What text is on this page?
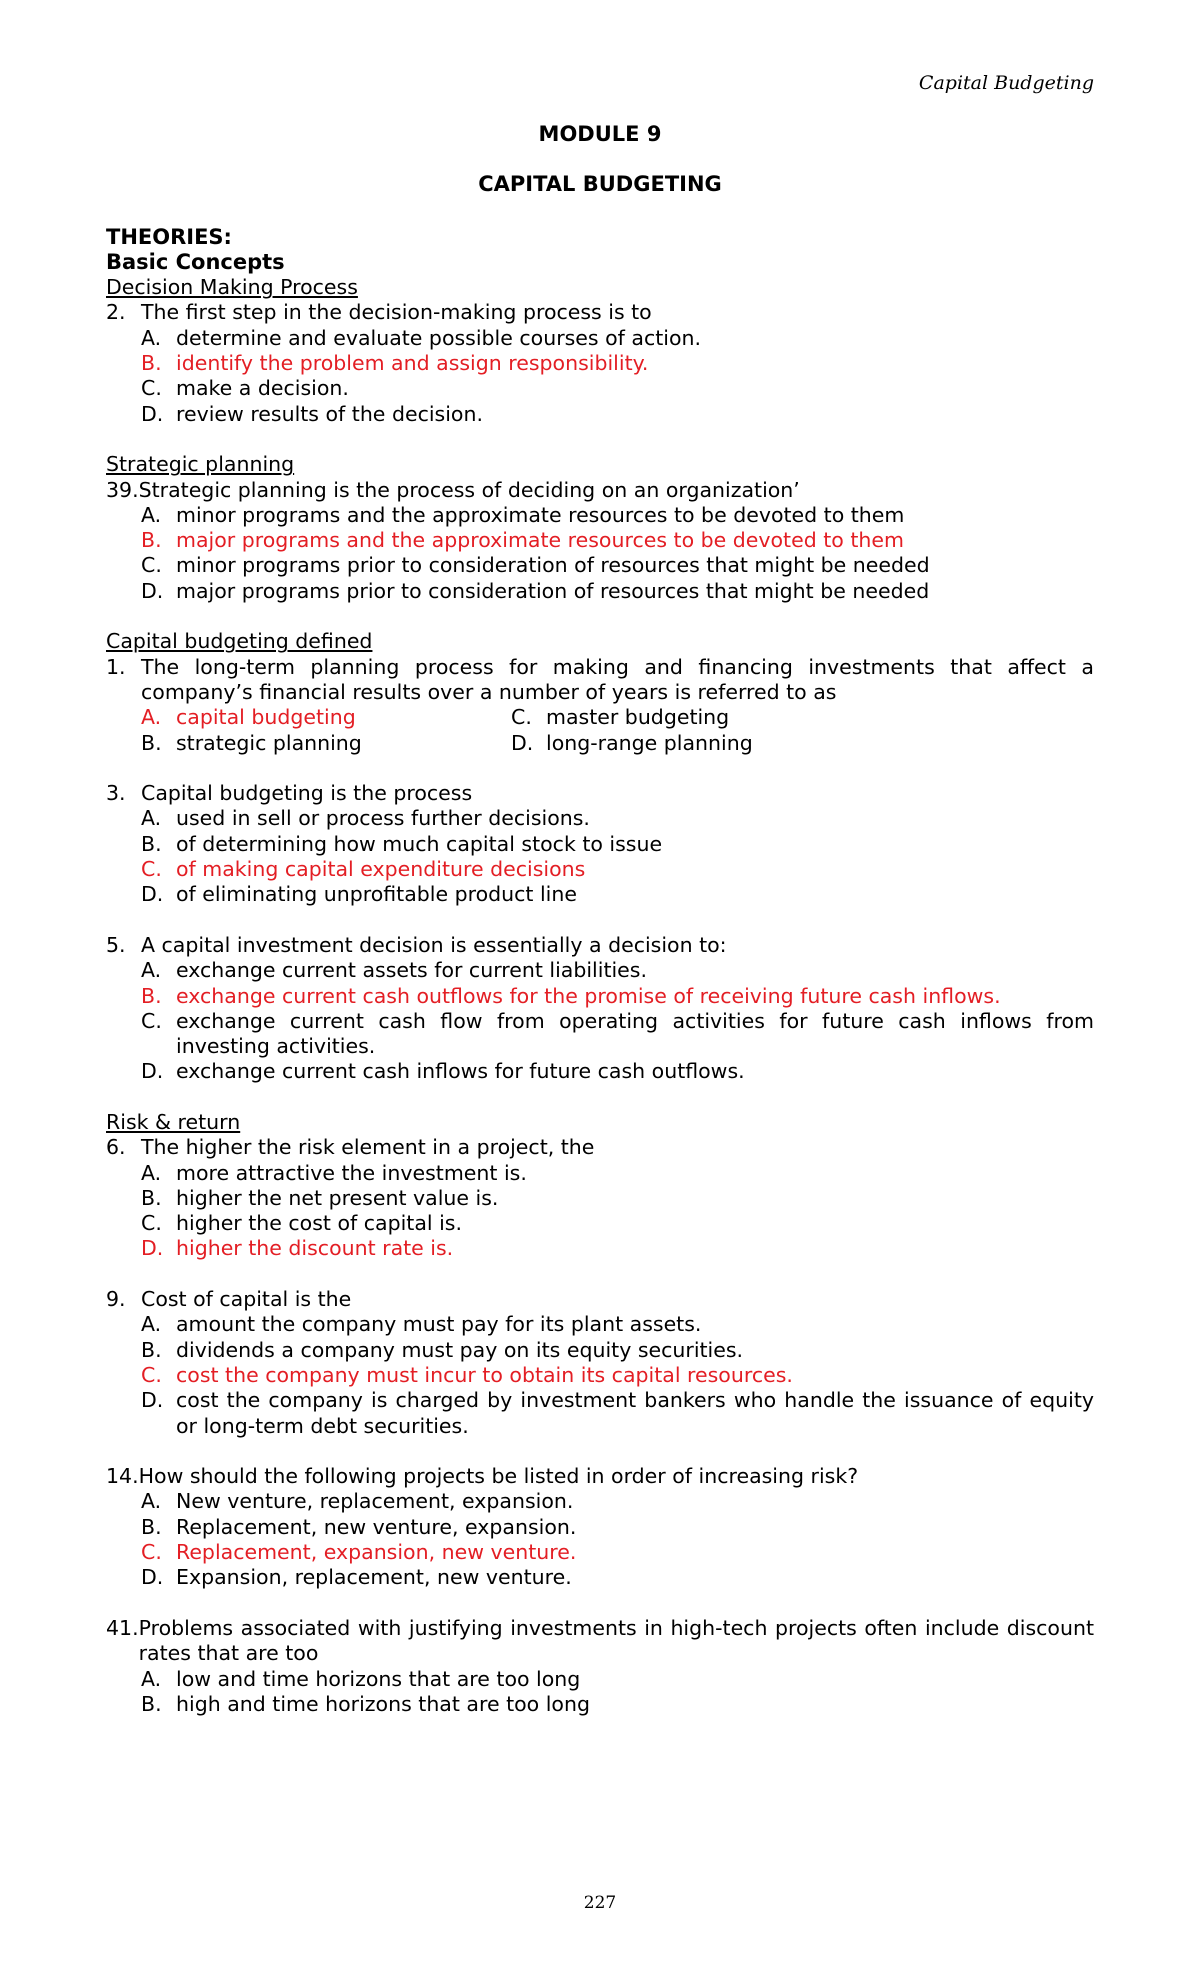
Capital Budgeting
MODULE 9
CAPITAL BUDGETING
THEORIES:
Basic Concepts
Decision Making Process
2. The first step in the decision-making process is to
A. determine and evaluate possible courses of action.
B. identify the problem and assign responsibility.
C. make a decision.
D. review results of the decision.
Strategic planning
39. Strategic planning is the process of deciding on an organization’
A. minor programs and the approximate resources to be devoted to them
B. major programs and the approximate resources to be devoted to them
C. minor programs prior to consideration of resources that might be needed
D. major programs prior to consideration of resources that might be needed
Capital budgeting defined
1. The long-term planning process for making and financing investments that affect a company’s financial results over a number of years is referred to as
A. capital budgeting	C. master budgeting
B. strategic planning	D. long-range planning
3. Capital budgeting is the process
A. used in sell or process further decisions.
B. of determining how much capital stock to issue
C. of making capital expenditure decisions
D. of eliminating unprofitable product line
5. A capital investment decision is essentially a decision to:
A. exchange current assets for current liabilities.
B. exchange current cash outflows for the promise of receiving future cash inflows.
C. exchange current cash flow from operating activities for future cash inflows from investing activities.
D. exchange current cash inflows for future cash outflows.
Risk & return
6. The higher the risk element in a project, the
A. more attractive the investment is.
B. higher the net present value is.
C. higher the cost of capital is.
D. higher the discount rate is.
9. Cost of capital is the
A. amount the company must pay for its plant assets.
B. dividends a company must pay on its equity securities.
C. cost the company must incur to obtain its capital resources.
D. cost the company is charged by investment bankers who handle the issuance of equity or long-term debt securities.
14. How should the following projects be listed in order of increasing risk?
A. New venture, replacement, expansion.
B. Replacement, new venture, expansion.
C. Replacement, expansion, new venture.
D. Expansion, replacement, new venture.
41. Problems associated with justifying investments in high-tech projects often include discount rates that are too
A. low and time horizons that are too long
B. high and time horizons that are too long
227
